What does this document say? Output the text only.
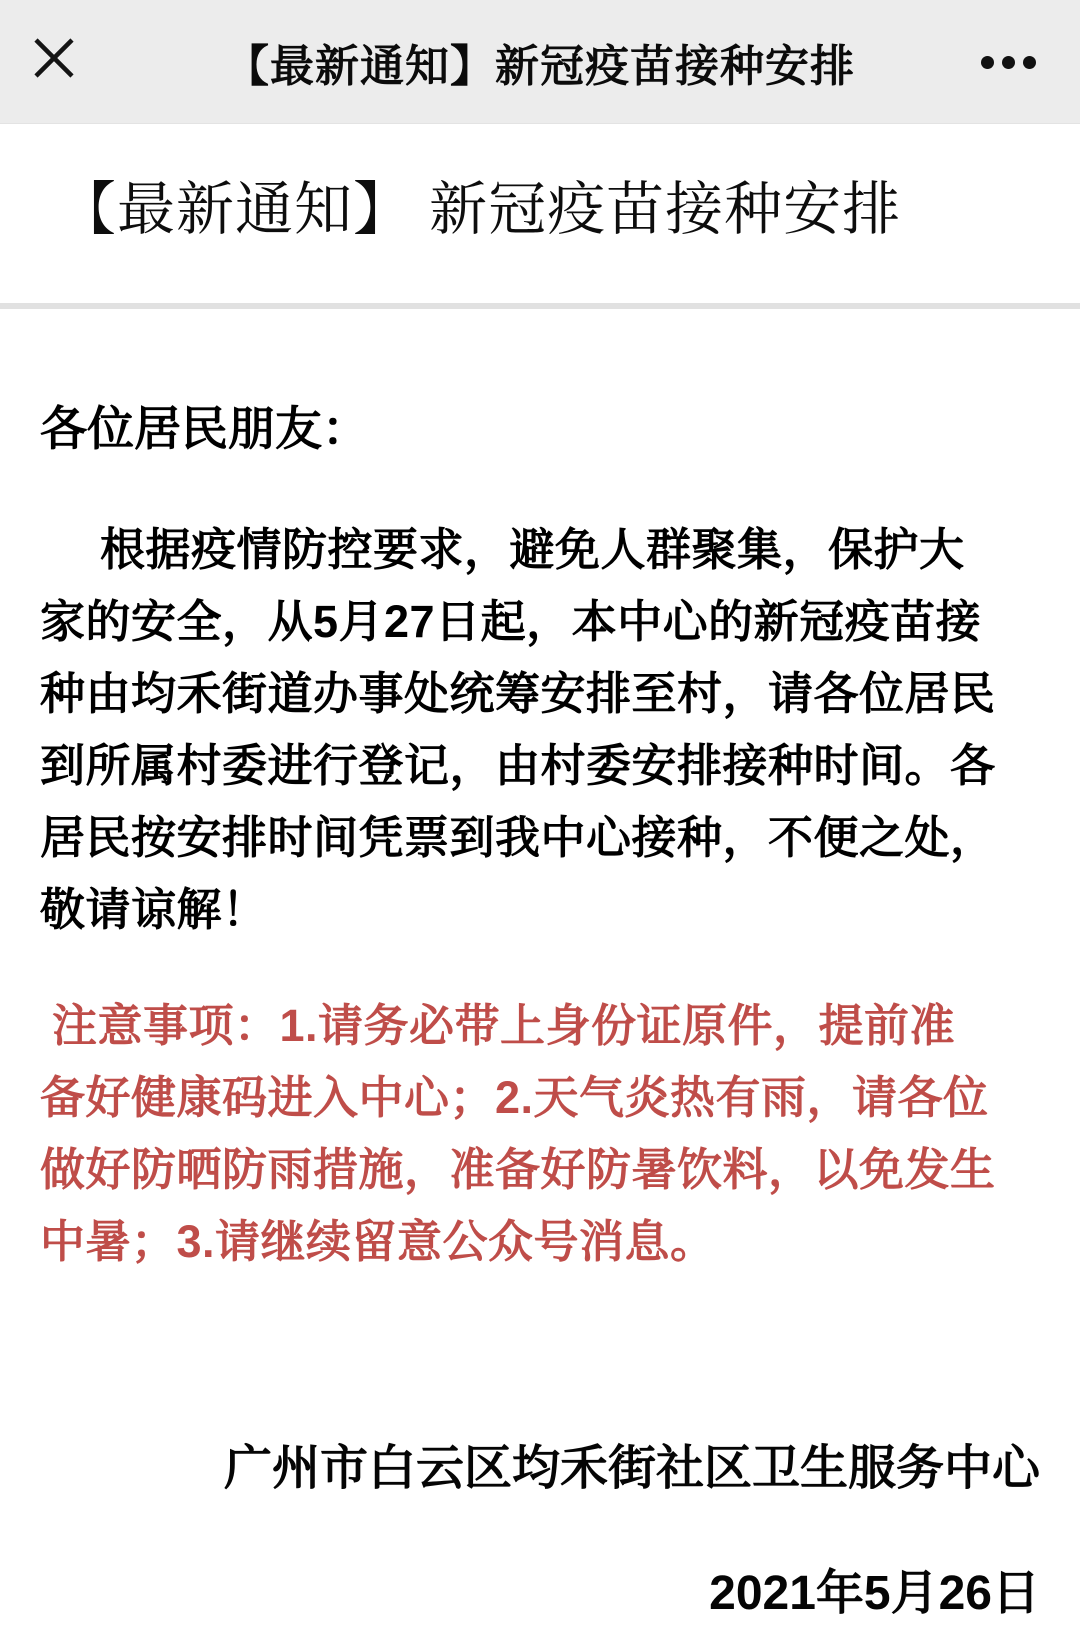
【最新通知】新冠疫苗接种安排
【最新通知】 新冠疫苗接种安排

各位居民朋友：

根据疫情防控要求，避免人群聚集，保护大
家的安全，从5月27日起，本中心的新冠疫苗接
种由均禾街道办事处统筹安排至村，请各位居民
到所属村委进行登记，由村委安排接种时间。各
居民按安排时间凭票到我中心接种，不便之处，
敬请谅解！
注意事项：1.请务必带上身份证原件，提前准
备好健康码进入中心；2.天气炎热有雨，请各位
做好防晒防雨措施，准备好防暑饮料，以免发生
中暑；3.请继续留意公众号消息。

广州市白云区均禾街社区卫生服务中心

2021年5月26日
